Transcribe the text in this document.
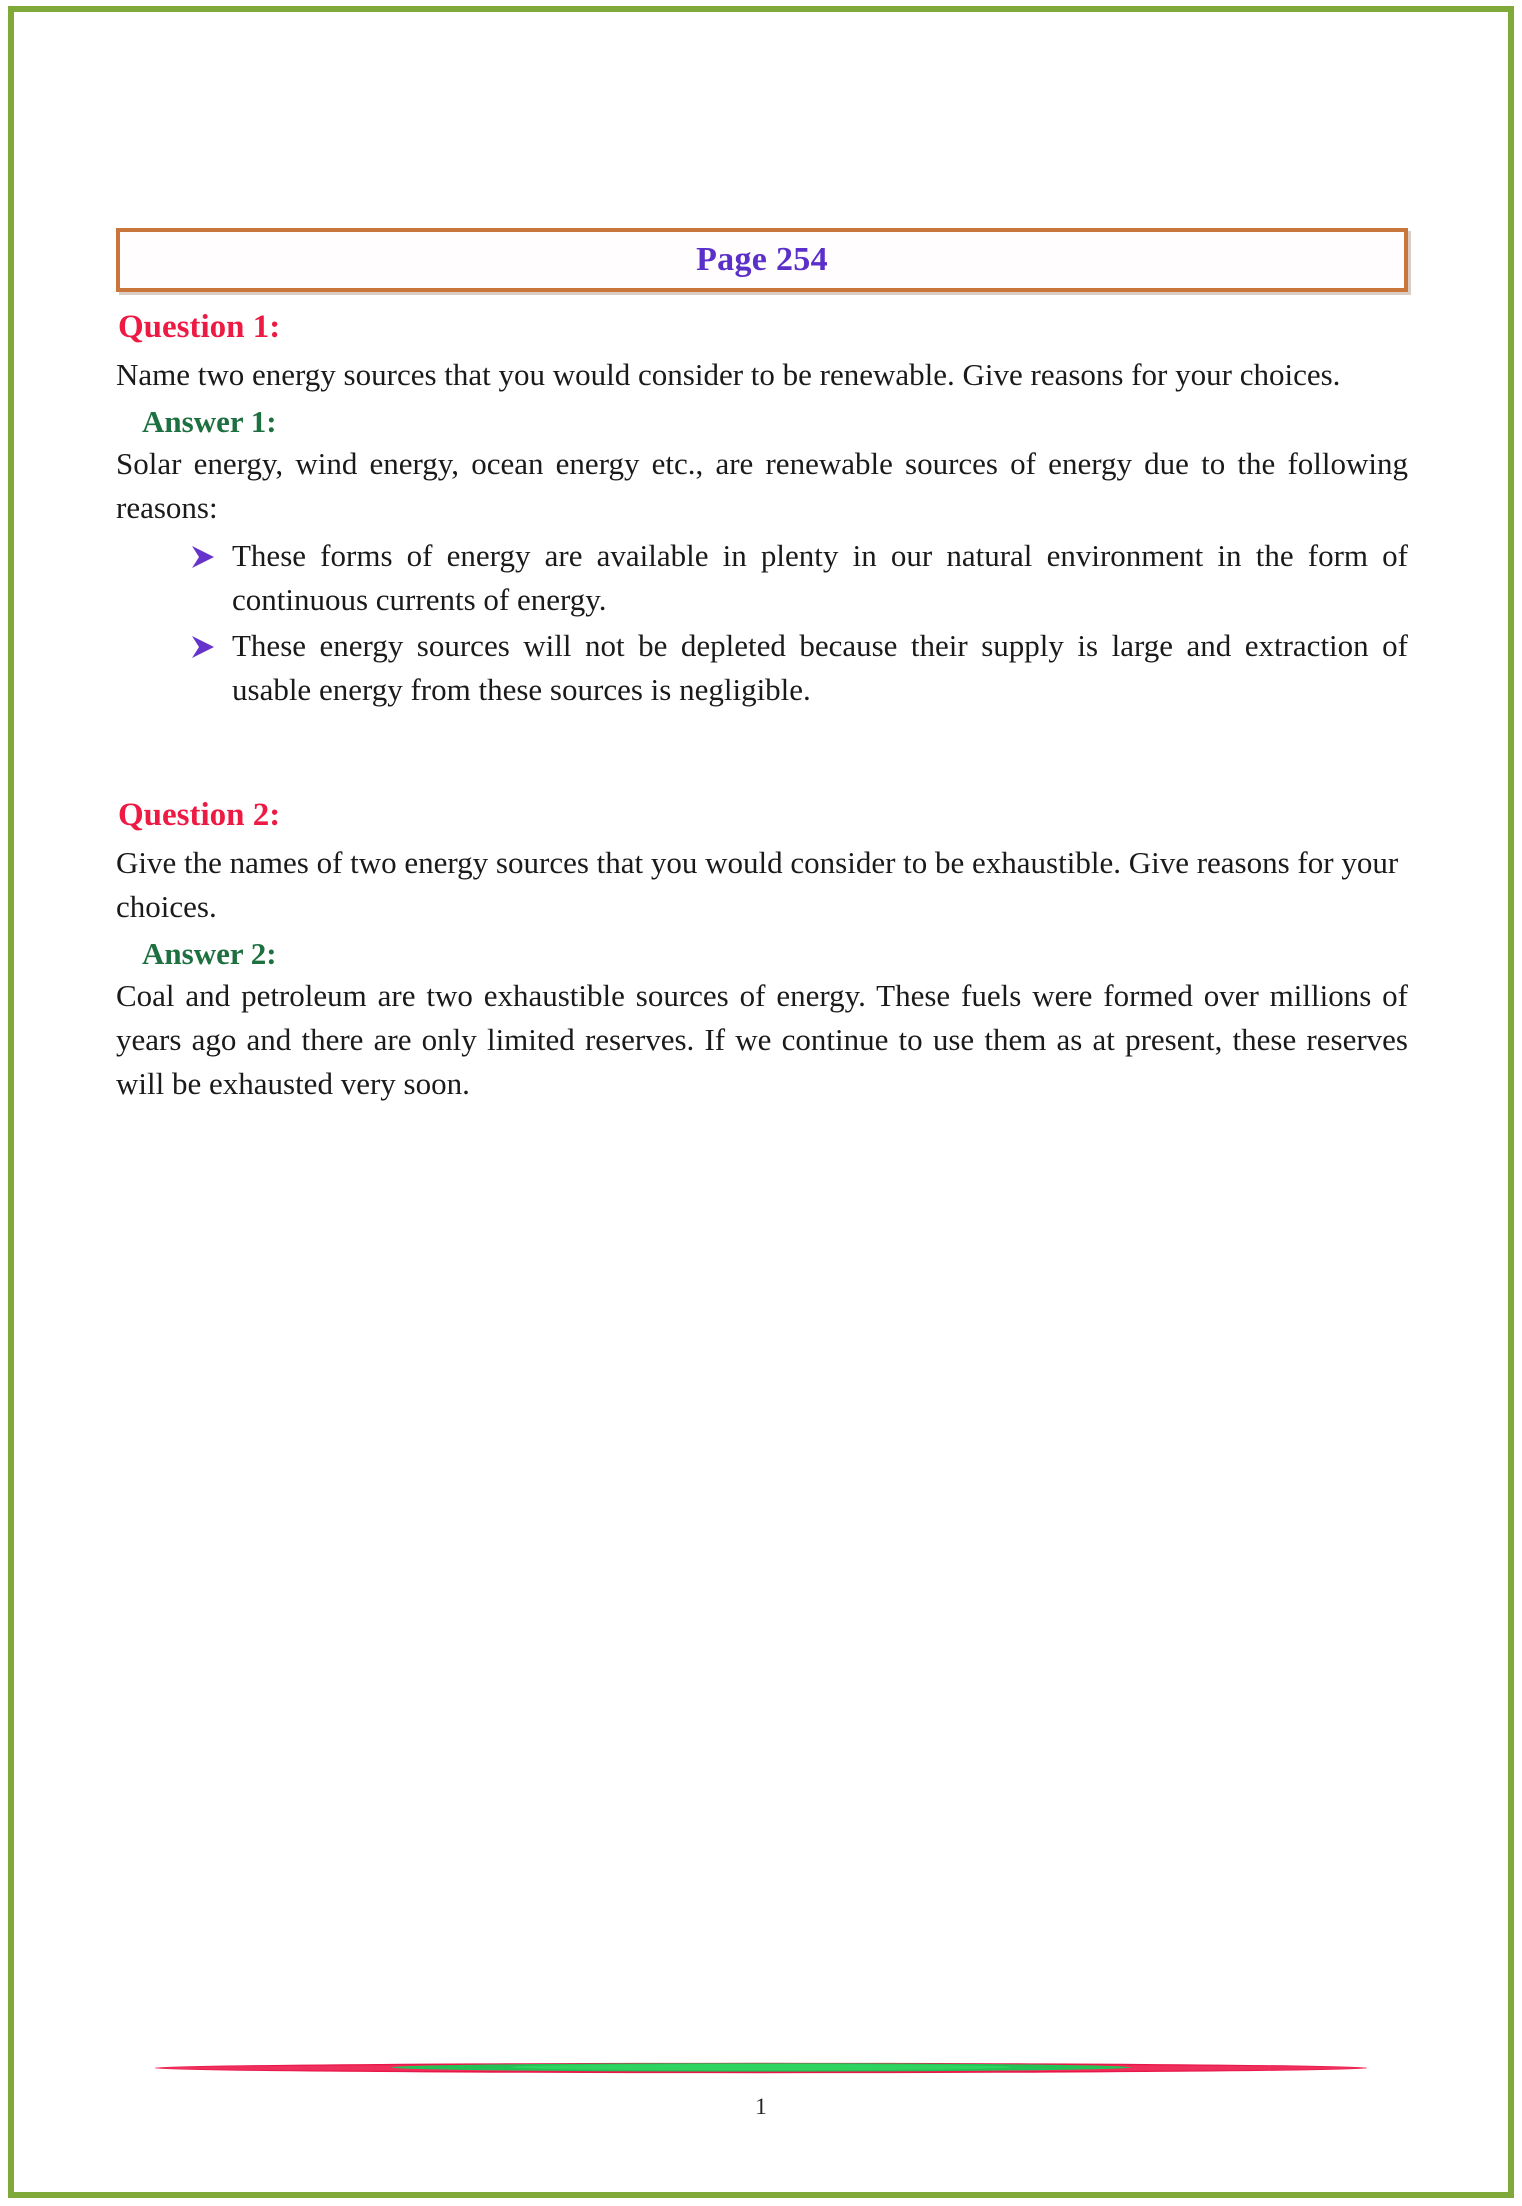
Page 254
Question 1:

Name two energy sources that you would consider to be renewable. Give reasons for your choices.

Answer 1:

Solar energy, wind energy, ocean energy etc., are renewable sources of energy due to the following reasons:

These forms of energy are available in plenty in our natural environment in the form of continuous currents of energy.
These energy sources will not be depleted because their supply is large and extraction of usable energy from these sources is negligible.
Question 2:

Give the names of two energy sources that you would consider to be exhaustible. Give reasons for your choices.

Answer 2:

Coal and petroleum are two exhaustible sources of energy. These fuels were formed over millions of years ago and there are only limited reserves. If we continue to use them as at present, these reserves will be exhausted very soon.

1
